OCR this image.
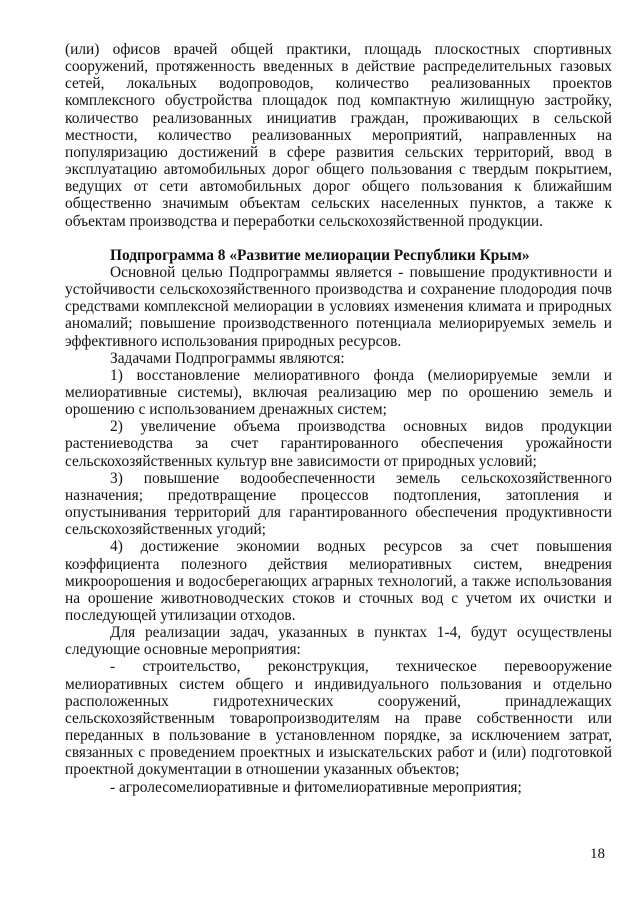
(или) офисов врачей общей практики, площадь плоскостных спортивных сооружений, протяженность введенных в действие распределительных газовых сетей, локальных водопроводов, количество реализованных проектов комплексного обустройства площадок под компактную жилищную застройку, количество реализованных инициатив граждан, проживающих в сельской местности, количество реализованных мероприятий, направленных на популяризацию достижений в сфере развития сельских территорий, ввод в эксплуатацию автомобильных дорог общего пользования с твердым покрытием, ведущих от сети автомобильных дорог общего пользования к ближайшим общественно значимым объектам сельских населенных пунктов, а также к объектам производства и переработки сельскохозяйственной продукции.

Подпрограмма 8 «Развитие мелиорации Республики Крым»

Основной целью Подпрограммы является - повышение продуктивности и устойчивости сельскохозяйственного производства и сохранение плодородия почв средствами комплексной мелиорации в условиях изменения климата и природных аномалий; повышение производственного потенциала мелиорируемых земель и эффективного использования природных ресурсов.

Задачами Подпрограммы являются:

1) восстановление мелиоративного фонда (мелиорируемые земли и мелиоративные системы), включая реализацию мер по орошению земель и орошению с использованием дренажных систем;

2) увеличение объема производства основных видов продукции растениеводства за счет гарантированного обеспечения урожайности сельскохозяйственных культур вне зависимости от природных условий;

3) повышение водообеспеченности земель сельскохозяйственного назначения; предотвращение процессов подтопления, затопления и опустынивания территорий для гарантированного обеспечения продуктивности сельскохозяйственных угодий;

4) достижение экономии водных ресурсов за счет повышения коэффициента полезного действия мелиоративных систем, внедрения микроорошения и водосберегающих аграрных технологий, а также использования на орошение животноводческих стоков и сточных вод с учетом их очистки и последующей утилизации отходов.

Для реализации задач, указанных в пунктах 1-4, будут осуществлены следующие основные мероприятия:

- строительство, реконструкция, техническое перевооружение мелиоративных систем общего и индивидуального пользования и отдельно расположенных гидротехнических сооружений, принадлежащих сельскохозяйственным товаропроизводителям на праве собственности или переданных в пользование в установленном порядке, за исключением затрат, связанных с проведением проектных и изыскательских работ и (или) подготовкой проектной документации в отношении указанных объектов;

- агролесомелиоративные и фитомелиоративные мероприятия;

18
